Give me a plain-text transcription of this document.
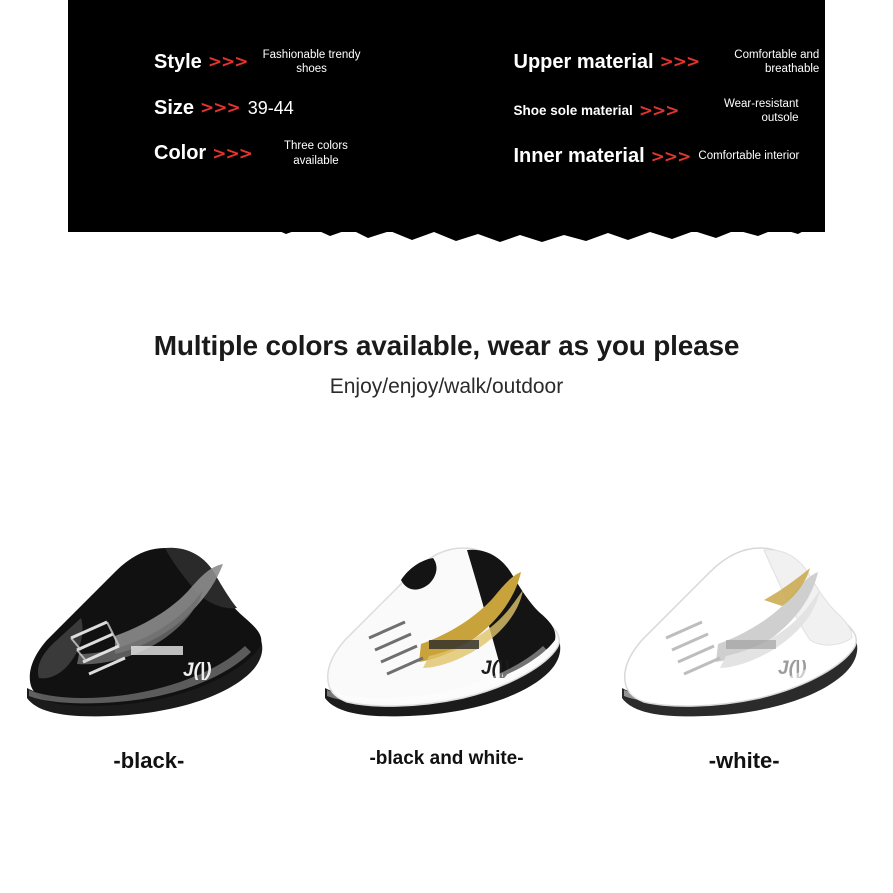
Style >>>	Fashionable trendy shoes
Size >>> 39-44
Color >>>	Three colors available
Upper material >>>	Comfortable and breathable
Shoe sole material >>>	Wear-resistant outsole
Inner material >>> Comfortable interior
Multiple colors available, wear as you please
Enjoy/enjoy/walk/outdoor
J(|)
-black-
J(|)
-black and white-
J(|)
-white-
